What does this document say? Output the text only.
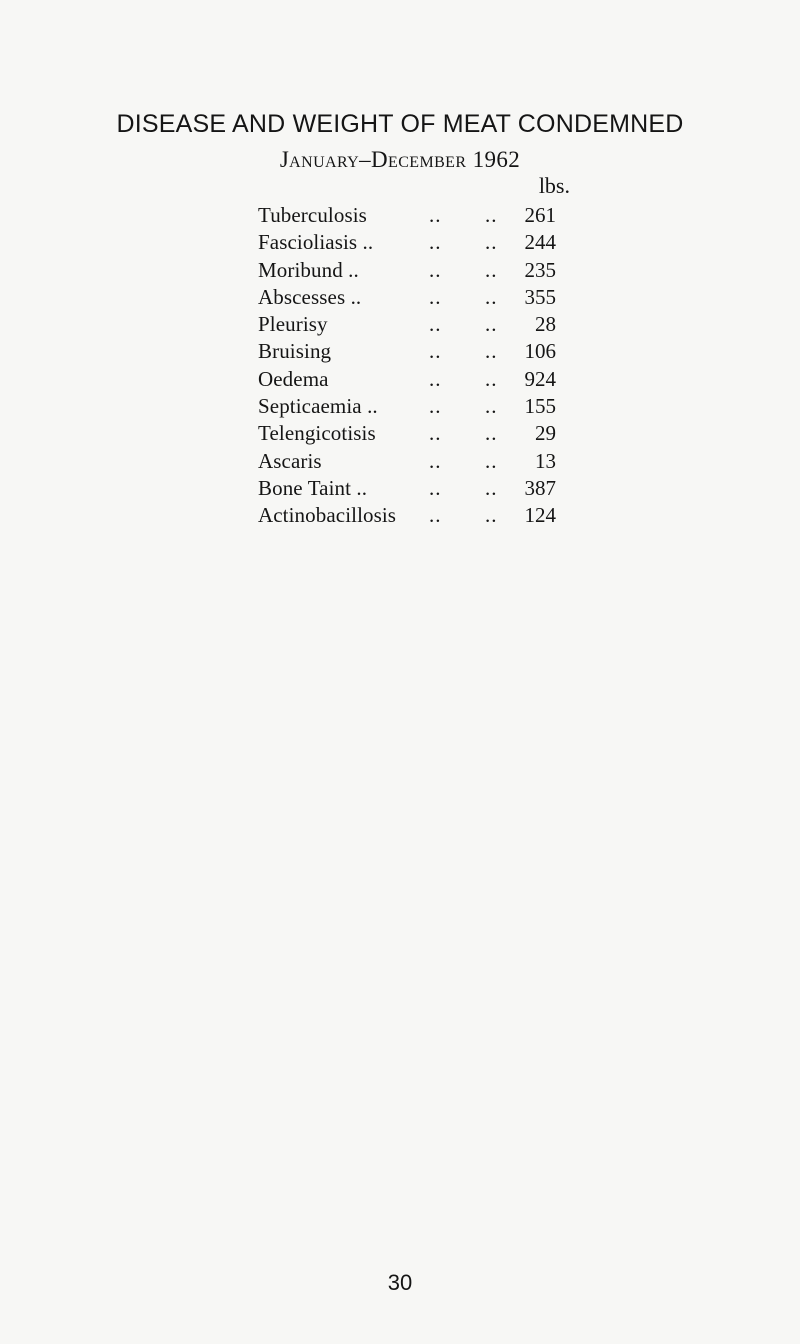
DISEASE AND WEIGHT OF MEAT CONDEMNED
January–December 1962
lbs.
Tuberculosis	.. ..	261
Fascioliasis ..	.. ..	244
Moribund ..	.. ..	235
Abscesses ..	.. ..	355
Pleurisy	.. ..	28
Bruising	.. ..	106
Oedema	.. ..	924
Septicaemia .. .. ..	155
Telengicotisis	.. ..	29
Ascaris	.. ..	13
Bone Taint ..	.. ..	387
Actinobacillosis .. ..	124
30
